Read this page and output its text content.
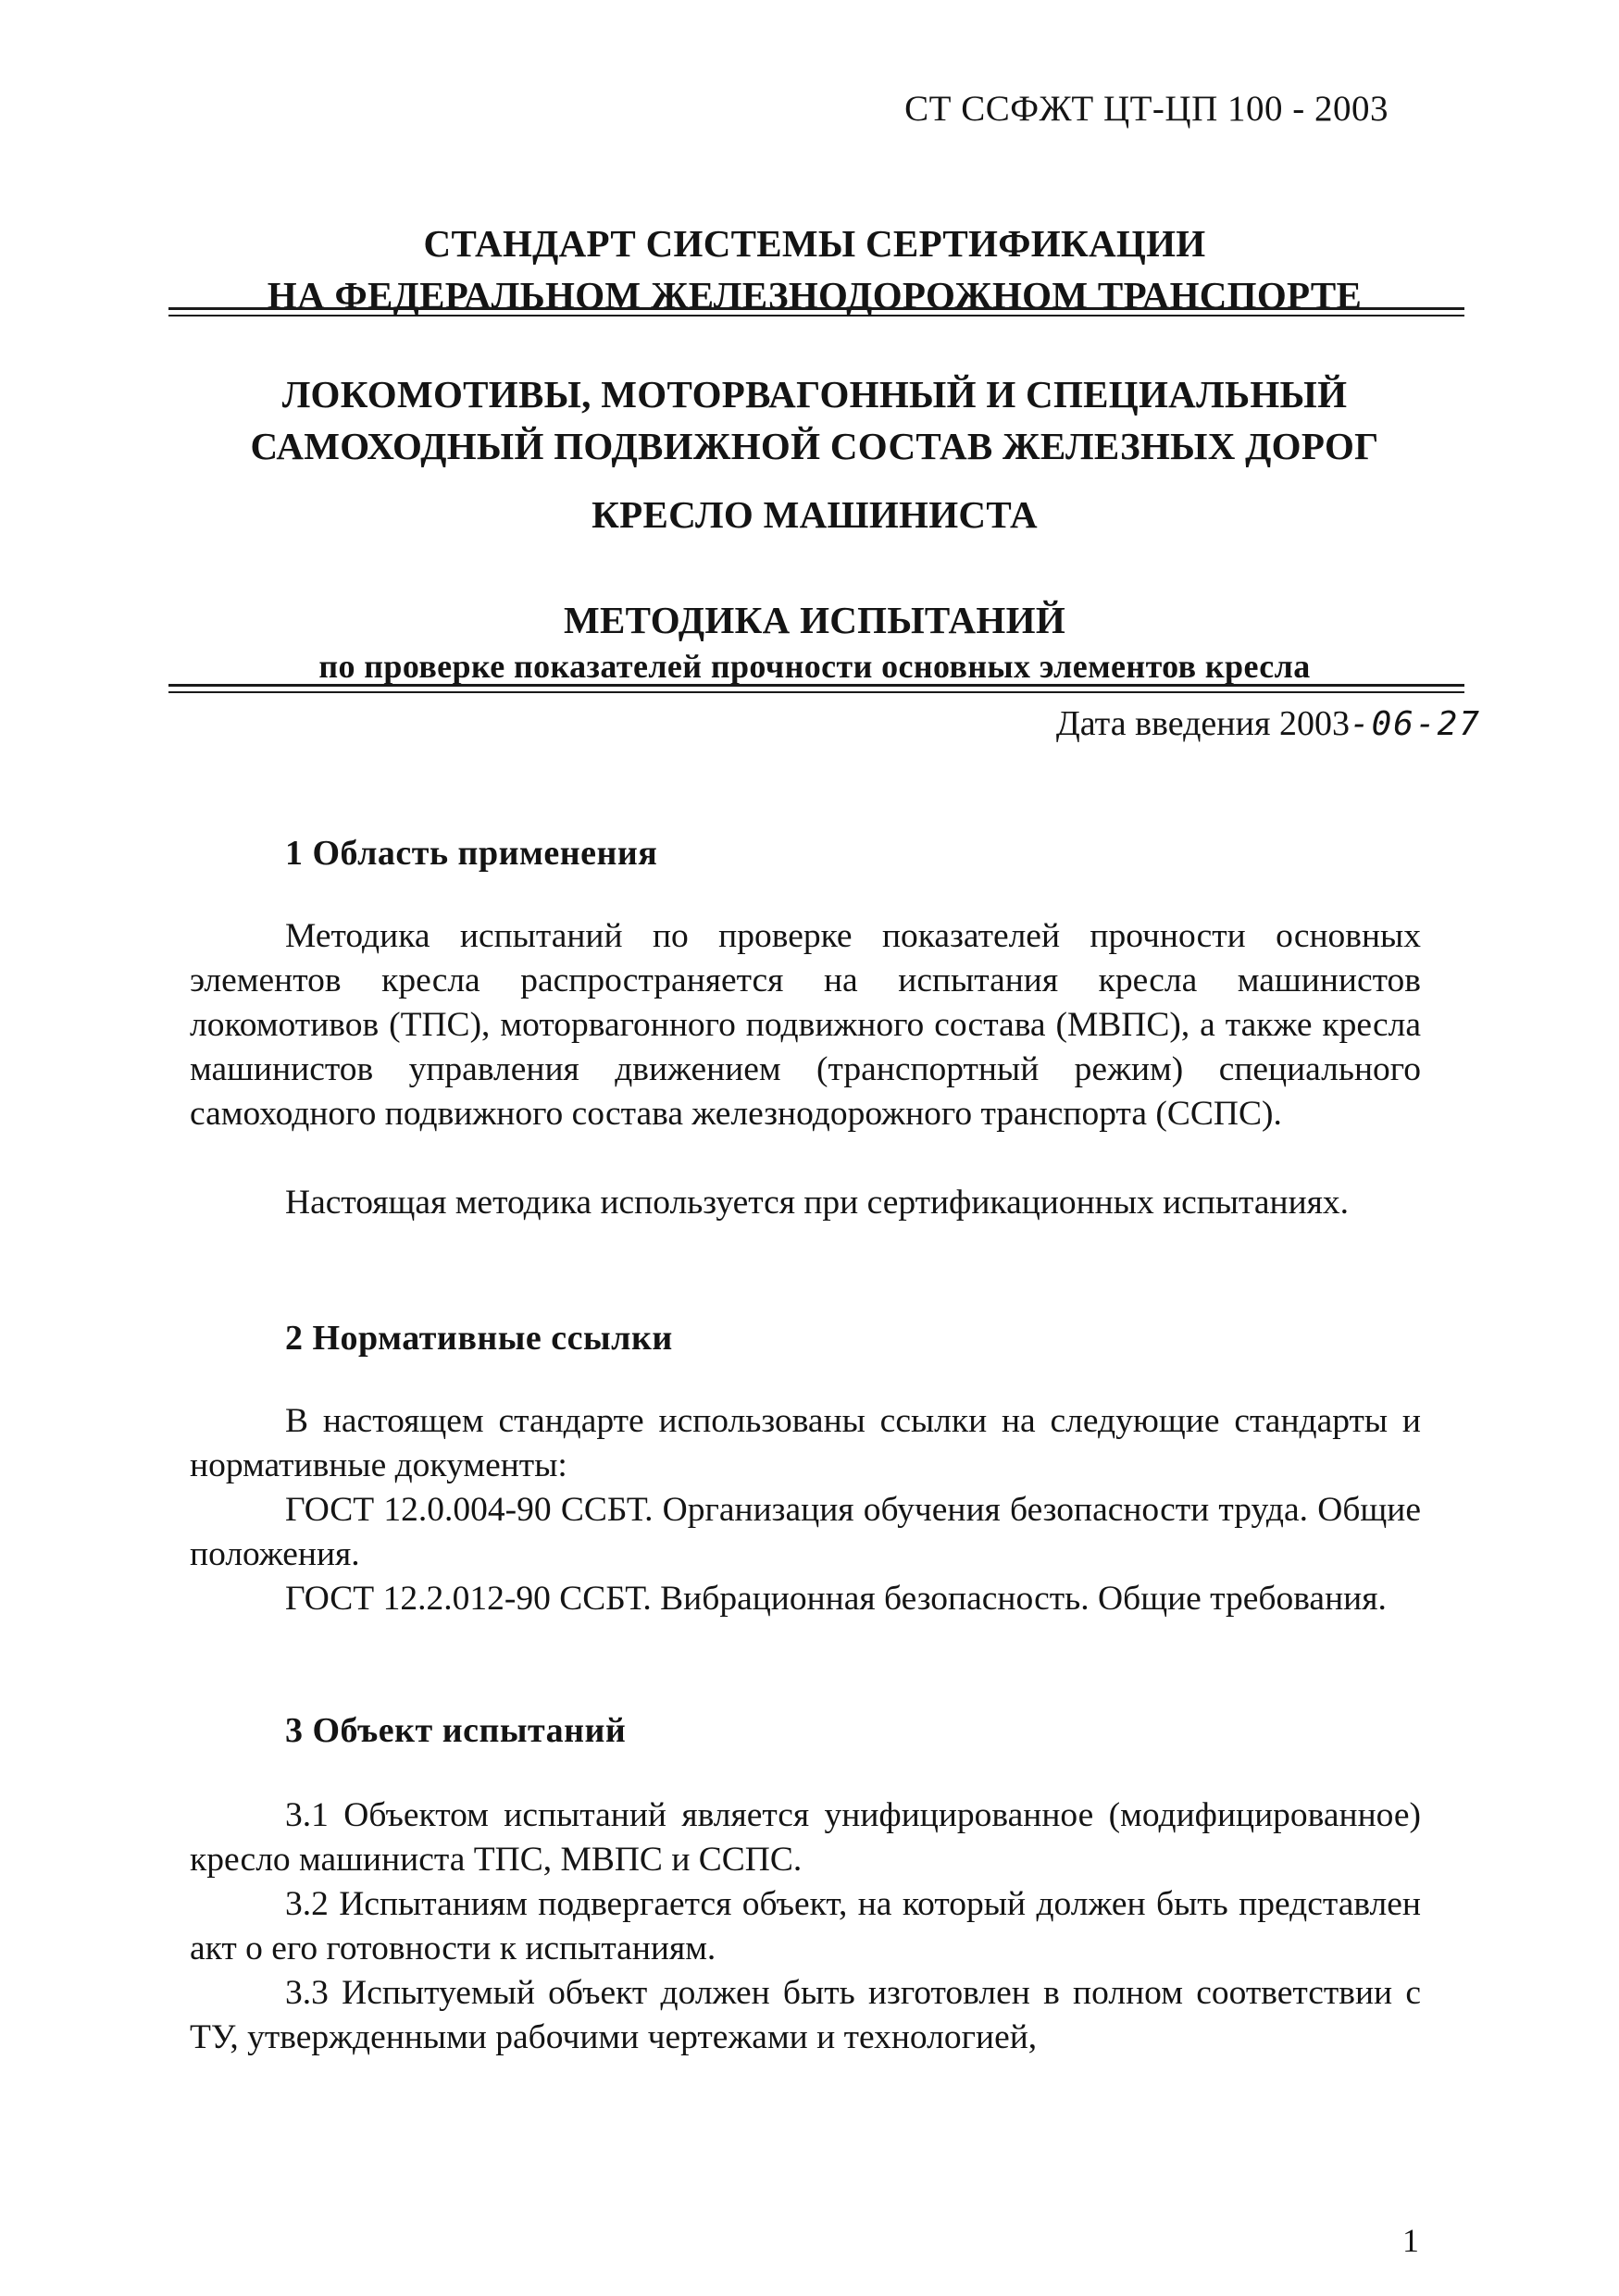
СТ ССФЖТ ЦТ-ЦП 100 - 2003
СТАНДАРТ СИСТЕМЫ СЕРТИФИКАЦИИ
НА ФЕДЕРАЛЬНОМ ЖЕЛЕЗНОДОРОЖНОМ ТРАНСПОРТЕ
ЛОКОМОТИВЫ, МОТОРВАГОННЫЙ И СПЕЦИАЛЬНЫЙ
САМОХОДНЫЙ ПОДВИЖНОЙ СОСТАВ ЖЕЛЕЗНЫХ ДОРОГ
КРЕСЛО МАШИНИСТА
МЕТОДИКА ИСПЫТАНИЙ
по проверке показателей прочности основных элементов кресла
Дата введения 2003-06-27
1 Область применения
Методика испытаний по проверке показателей прочности основных элементов кресла распространяется на испытания кресла машинистов локомотивов (ТПС), моторвагонного подвижного состава (МВПС), а также кресла машинистов управления движением (транспортный режим) специального самоходного подвижного состава железнодорожного транспорта (ССПС).
Настоящая методика используется при сертификационных испытаниях.
2 Нормативные ссылки
В настоящем стандарте использованы ссылки на следующие стандарты и нормативные документы:
ГОСТ 12.0.004-90 ССБТ. Организация обучения безопасности труда. Общие положения.
ГОСТ 12.2.012-90 ССБТ. Вибрационная безопасность. Общие требования.
3 Объект испытаний
3.1 Объектом испытаний является унифицированное (модифицированное) кресло машиниста ТПС, МВПС и ССПС.
3.2 Испытаниям подвергается объект, на который должен быть представлен акт о его готовности к испытаниям.
3.3 Испытуемый объект должен быть изготовлен в полном соответствии с ТУ, утвержденными рабочими чертежами и технологией,
1
